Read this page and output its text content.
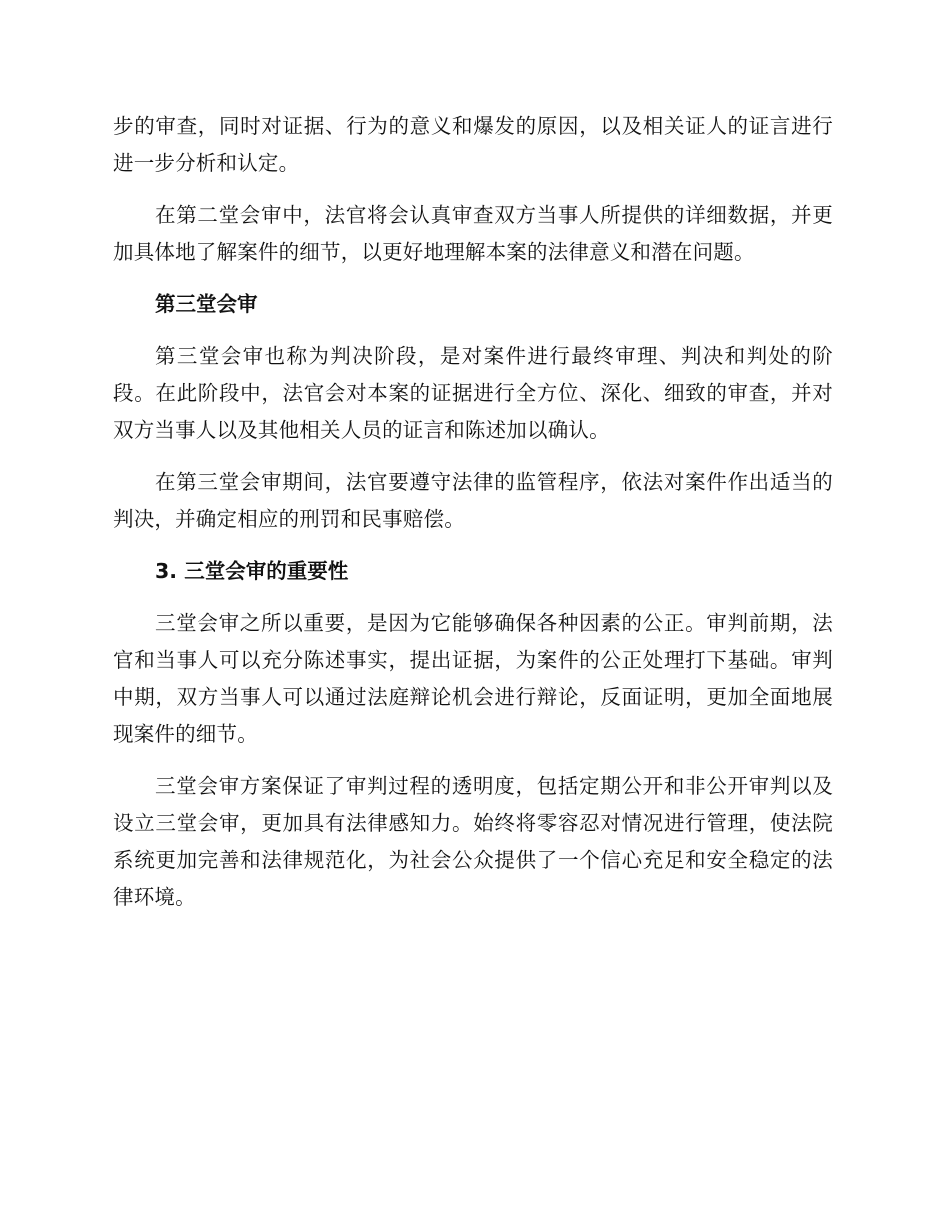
步的审查，同时对证据、行为的意义和爆发的原因，以及相关证人的证言进行进一步分析和认定。

在第二堂会审中，法官将会认真审查双方当事人所提供的详细数据，并更加具体地了解案件的细节，以更好地理解本案的法律意义和潜在问题。

第三堂会审

第三堂会审也称为判决阶段，是对案件进行最终审理、判决和判处的阶段。在此阶段中，法官会对本案的证据进行全方位、深化、细致的审查，并对双方当事人以及其他相关人员的证言和陈述加以确认。

在第三堂会审期间，法官要遵守法律的监管程序，依法对案件作出适当的判决，并确定相应的刑罚和民事赔偿。

3. 三堂会审的重要性

三堂会审之所以重要，是因为它能够确保各种因素的公正。审判前期，法官和当事人可以充分陈述事实，提出证据，为案件的公正处理打下基础。审判中期，双方当事人可以通过法庭辩论机会进行辩论，反面证明，更加全面地展现案件的细节。

三堂会审方案保证了审判过程的透明度，包括定期公开和非公开审判以及设立三堂会审，更加具有法律感知力。始终将零容忍对情况进行管理，使法院系统更加完善和法律规范化，为社会公众提供了一个信心充足和安全稳定的法律环境。
